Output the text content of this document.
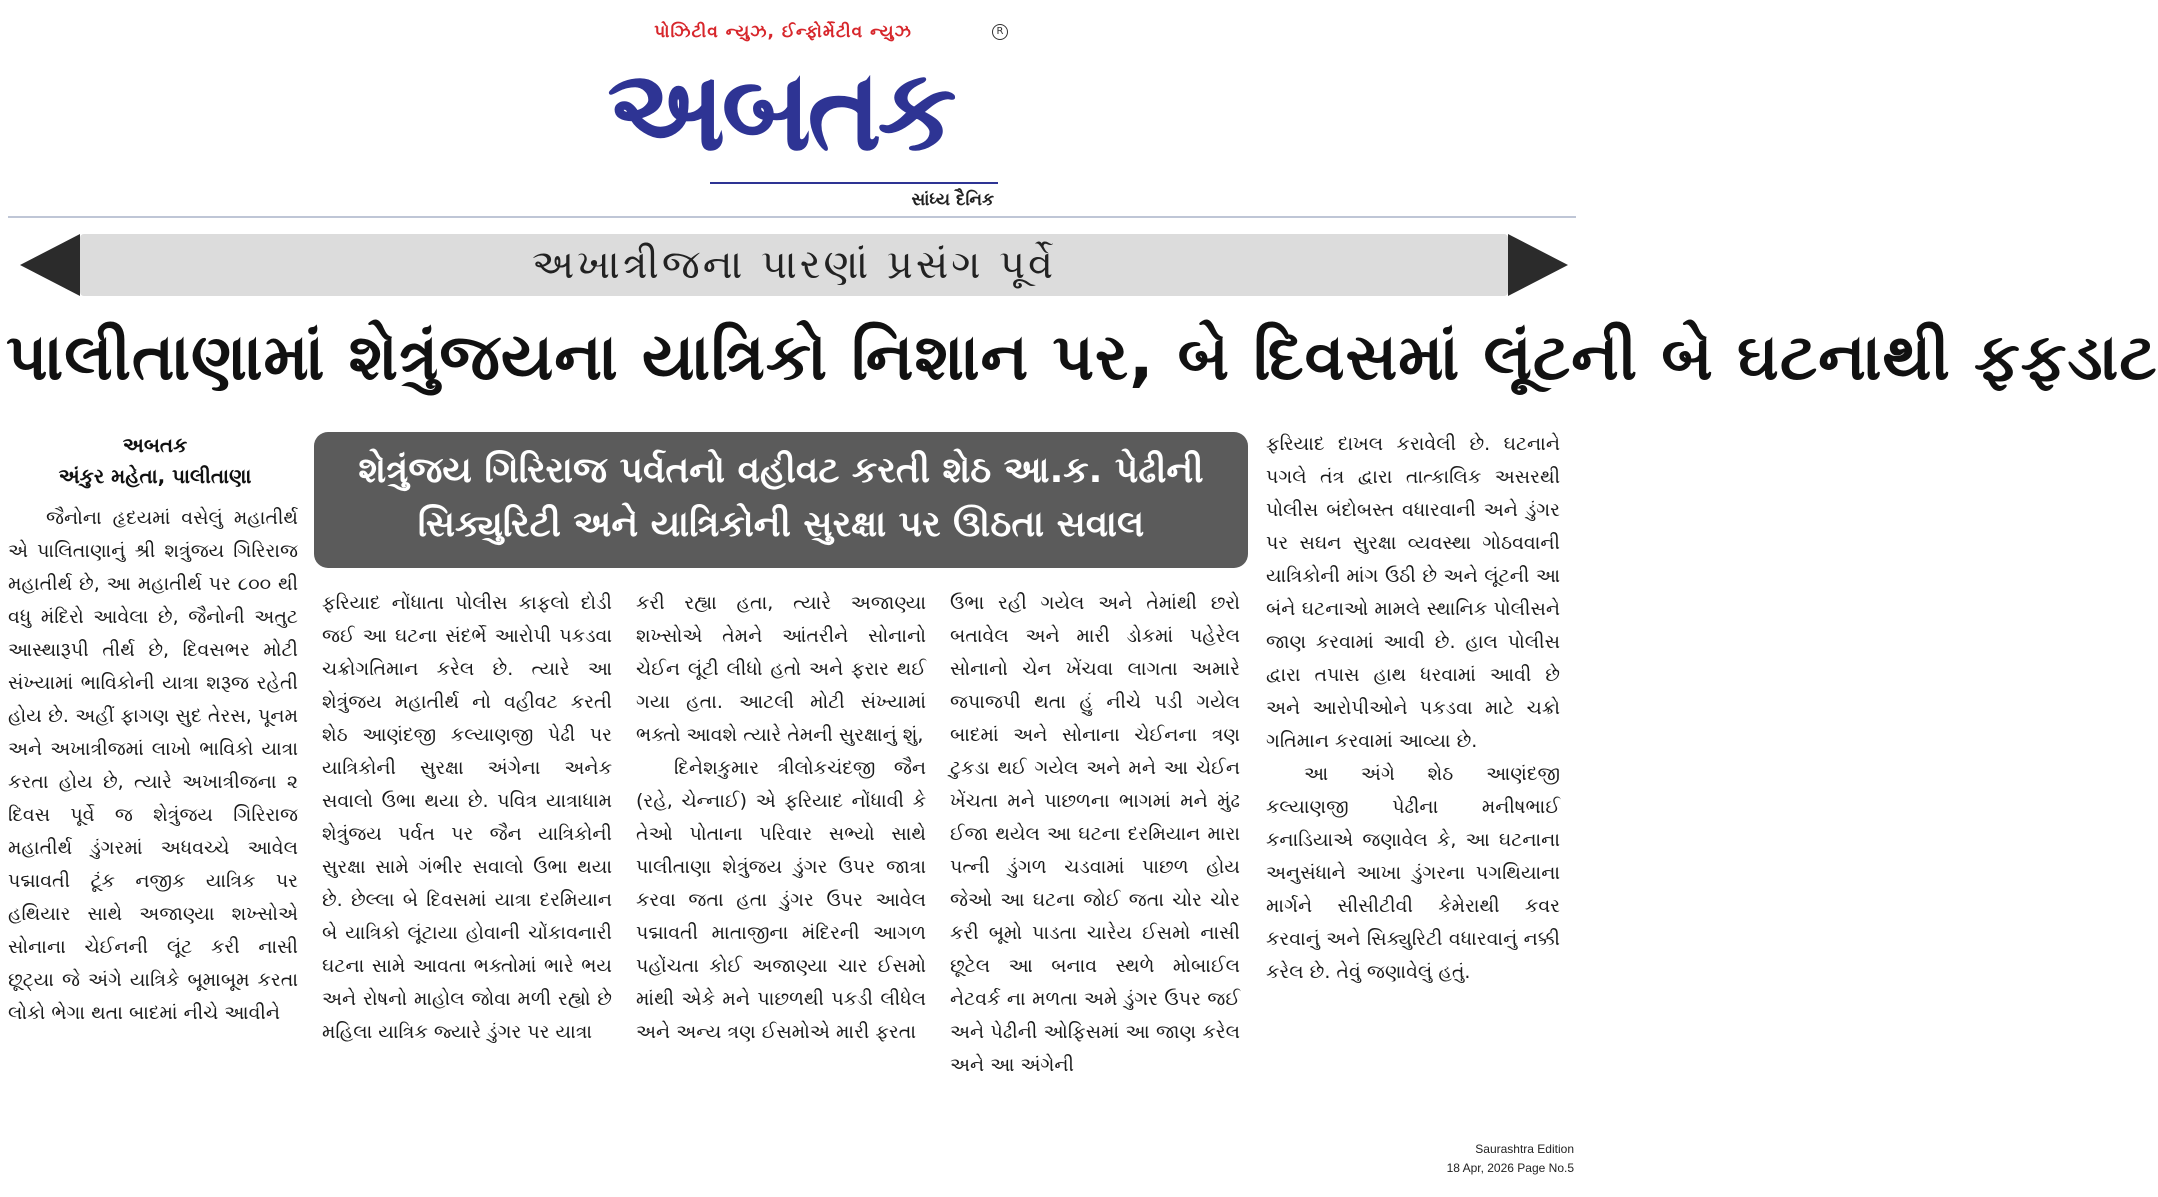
પોઝિટીવ ન્યુઝ, ઈન્ફોર્મેટીવ ન્યુઝ	R
અબતક
સાંધ્ય દૈનિક
અખાત્રીજના પારણાં પ્રસંગ પૂર્વે
પાલીતાણામાં શેત્રુંજયના યાત્રિકો નિશાન પર, બે દિવસમાં લૂંટની બે ઘટનાથી ફફડાટ
અબતક
અંકુર મહેતા, પાલીતાણા

જૈનોના હૃદયમાં વસેલું મહાતીર્થ એ પાલિતાણાનું શ્રી શત્રુંજય ગિરિરાજ મહાતીર્થ છે, આ મહાતીર્થ પર ૮૦૦ થી વધુ મંદિરો આવેલા છે, જૈનોની અતુટ આસ્થારૂપી તીર્થ છે, દિવસભર મોટી સંખ્યામાં ભાવિકોની યાત્રા શરૂજ રહેતી હોય છે. અહીં ફાગણ સુદ તેરસ, પૂનમ અને અખાત્રીજમાં લાખો ભાવિકો યાત્રા કરતા હોય છે, ત્યારે અખાત્રીજના ૨ દિવસ પૂર્વે જ શેત્રુંજય ગિરિરાજ મહાતીર્થ ડુંગરમાં અધવચ્ચે આવેલ પદ્માવતી ટૂંક નજીક યાત્રિક પર હથિયાર સાથે અજાણ્યા શખ્સોએ સોનાના ચેઈનની લૂંટ કરી નાસી છૂટ્યા જે અંગે યાત્રિકે બૂમાબૂમ કરતા લોકો ભેગા થતા બાદમાં નીચે આવીને

શેત્રુંજય ગિરિરાજ પર્વતનો વહીવટ કરતી શેઠ આ.ક. પેઢીની
સિક્યુરિટી અને યાત્રિકોની સુરક્ષા પર ઊઠતા સવાલ

ફરિયાદ નોંધાતા પોલીસ કાફલો દોડી જઈ આ ઘટના સંદર્ભે આરોપી પકડવા ચક્રોગતિમાન કરેલ છે. ત્યારે આ શેત્રુંજય મહાતીર્થ નો વહીવટ કરતી શેઠ આણંદજી કલ્યાણજી પેઢી પર યાત્રિકોની સુરક્ષા અંગેના અનેક સવાલો ઉભા થયા છે. પવિત્ર યાત્રાધામ શેત્રુંજય પર્વત પર જૈન યાત્રિકોની સુરક્ષા સામે ગંભીર સવાલો ઉભા થયા છે. છેલ્લા બે દિવસમાં યાત્રા દરમિયાન બે યાત્રિકો લૂંટાયા હોવાની ચોંકાવનારી ઘટના સામે આવતા ભક્તોમાં ભારે ભય અને રોષનો માહોલ જોવા મળી રહ્યો છે મહિલા યાત્રિક જ્યારે ડુંગર પર યાત્રા

કરી રહ્યા હતા, ત્યારે અજાણ્યા શખ્સોએ તેમને આંતરીને સોનાનો ચેઈન લૂંટી લીધો હતો અને ફરાર થઈ ગયા હતા. આટલી મોટી સંખ્યામાં ભક્તો આવશે ત્યારે તેમની સુરક્ષાનું શું,

દિનેશકુમાર ત્રીલોકચંદજી જૈન (રહે, ચેન્નાઈ) એ ફરિયાદ નોંધાવી કે તેઓ પોતાના પરિવાર સભ્યો સાથે પાલીતાણા શેત્રુંજય ડુંગર ઉપર જાત્રા કરવા જતા હતા ડુંગર ઉપર આવેલ પદ્માવતી માતાજીના મંદિરની આગળ પહોંચતા કોઈ અજાણ્યા ચાર ઈસમો માંથી એકે મને પાછળથી પકડી લીધેલ અને અન્ય ત્રણ ઈસમોએ મારી ફરતા

ઉભા રહી ગયેલ અને તેમાંથી છરો બતાવેલ અને મારી ડોકમાં પહેરેલ સોનાનો ચેન ખેંચવા લાગતા અમારે જપાજપી થતા હું નીચે પડી ગયેલ બાદમાં અને સોનાના ચેઈનના ત્રણ ટુકડા થઈ ગયેલ અને મને આ ચેઈન ખેંચતા મને પાછળના ભાગમાં મને મુંઢ ઈજા થયેલ આ ઘટના દરમિયાન મારા પત્ની ડુંગળ ચડવામાં પાછળ હોય જેઓ આ ઘટના જોઈ જતા ચોર ચોર કરી બૂમો પાડતા ચારેય ઈસમો નાસી છૂટેલ આ બનાવ સ્થળે મોબાઈલ નેટવર્ક ના મળતા અમે ડુંગર ઉપર જઈ અને પેઢીની ઓફિસમાં આ જાણ કરેલ અને આ અંગેની

ફરિયાદ દાખલ કરાવેલી છે. ઘટનાને પગલે તંત્ર દ્વારા તાત્કાલિક અસરથી પોલીસ બંદોબસ્ત વધારવાની અને ડુંગર પર સઘન સુરક્ષા વ્યવસ્થા ગોઠવવાની યાત્રિકોની માંગ ઉઠી છે અને લૂંટની આ બંને ઘટનાઓ મામલે સ્થાનિક પોલીસને જાણ કરવામાં આવી છે. હાલ પોલીસ દ્વારા તપાસ હાથ ધરવામાં આવી છે અને આરોપીઓને પકડવા માટે ચક્રો ગતિમાન કરવામાં આવ્યા છે.

આ અંગે શેઠ આણંદજી કલ્યાણજી પેઢીના મનીષભાઈ કનાડિયાએ જણાવેલ કે, આ ઘટનાના અનુસંધાને આખા ડુંગરના પગથિયાના માર્ગને સીસીટીવી કેમેરાથી કવર કરવાનું અને સિક્યુરિટી વધારવાનું નક્કી કરેલ છે. તેવું જણાવેલું હતું.

Saurashtra Edition
18 Apr, 2026 Page No.5
